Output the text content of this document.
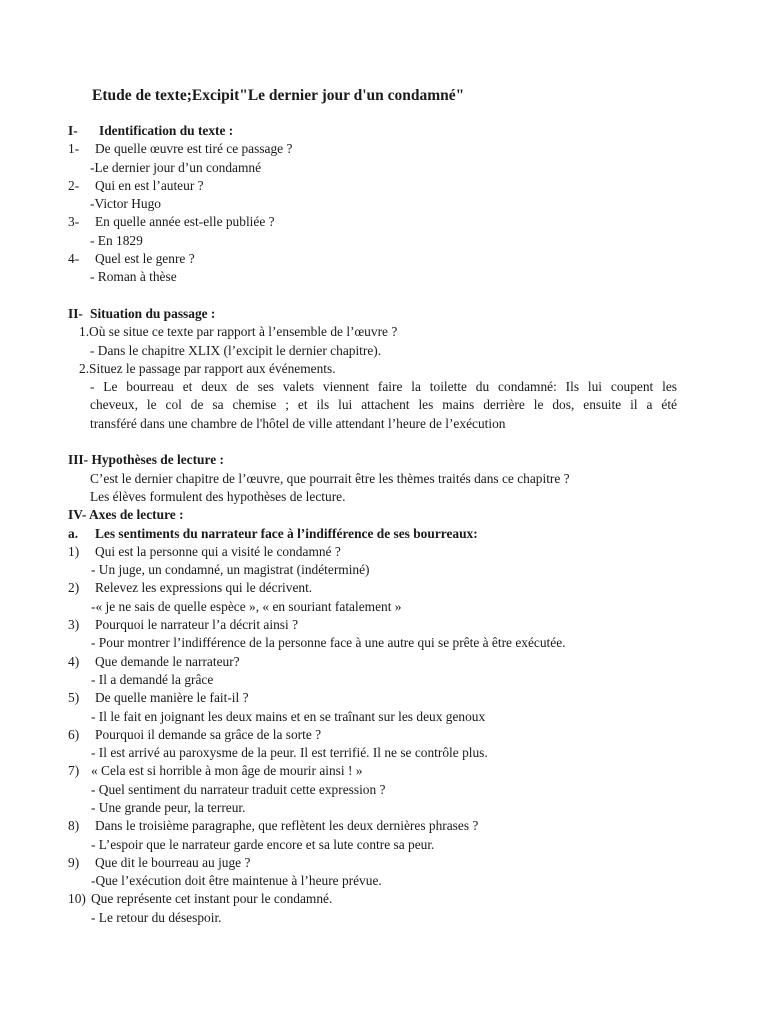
Etude de texte;Excipit"Le dernier jour d'un condamné"
I- Identification du texte :
1- De quelle œuvre est tiré ce passage ?
-Le dernier jour d’un condamné
2- Qui en est l’auteur ?
-Victor Hugo
3- En quelle année est-elle publiée ?
- En 1829
4- Quel est le genre ?
- Roman à thèse
II- Situation du passage :
1.Où se situe ce texte par rapport à l’ensemble de l’œuvre ?
- Dans le chapitre XLIX (l’excipit le dernier chapitre).
2.Situez le passage par rapport aux événements.
- Le bourreau et deux de ses valets viennent faire la toilette du condamné: Ils lui coupent les
cheveux, le col de sa chemise ; et ils lui attachent les mains derrière le dos, ensuite il a été
transféré dans une chambre de l'hôtel de ville attendant l’heure de l’exécution
III- Hypothèses de lecture :
C’est le dernier chapitre de l’œuvre, que pourrait être les thèmes traités dans ce chapitre ?
Les élèves formulent des hypothèses de lecture.
IV- Axes de lecture :
a. Les sentiments du narrateur face à l’indifférence de ses bourreaux:
1) Qui est la personne qui a visité le condamné ?
- Un juge, un condamné, un magistrat (indéterminé)
2) Relevez les expressions qui le décrivent.
-« je ne sais de quelle espèce », « en souriant fatalement »
3) Pourquoi le narrateur l’a décrit ainsi ?
- Pour montrer l’indifférence de la personne face à une autre qui se prête à être exécutée.
4) Que demande le narrateur?
- Il a demandé la grâce
5) De quelle manière le fait-il ?
- Il le fait en joignant les deux mains et en se traînant sur les deux genoux
6) Pourquoi il demande sa grâce de la sorte ?
- Il est arrivé au paroxysme de la peur. Il est terrifié. Il ne se contrôle plus.
7) « Cela est si horrible à mon âge de mourir ainsi ! »
- Quel sentiment du narrateur traduit cette expression ?
- Une grande peur, la terreur.
8) Dans le troisième paragraphe, que reflètent les deux dernières phrases ?
- L’espoir que le narrateur garde encore et sa lute contre sa peur.
9) Que dit le bourreau au juge ?
-Que l’exécution doit être maintenue à l’heure prévue.
10) Que représente cet instant pour le condamné.
- Le retour du désespoir.
